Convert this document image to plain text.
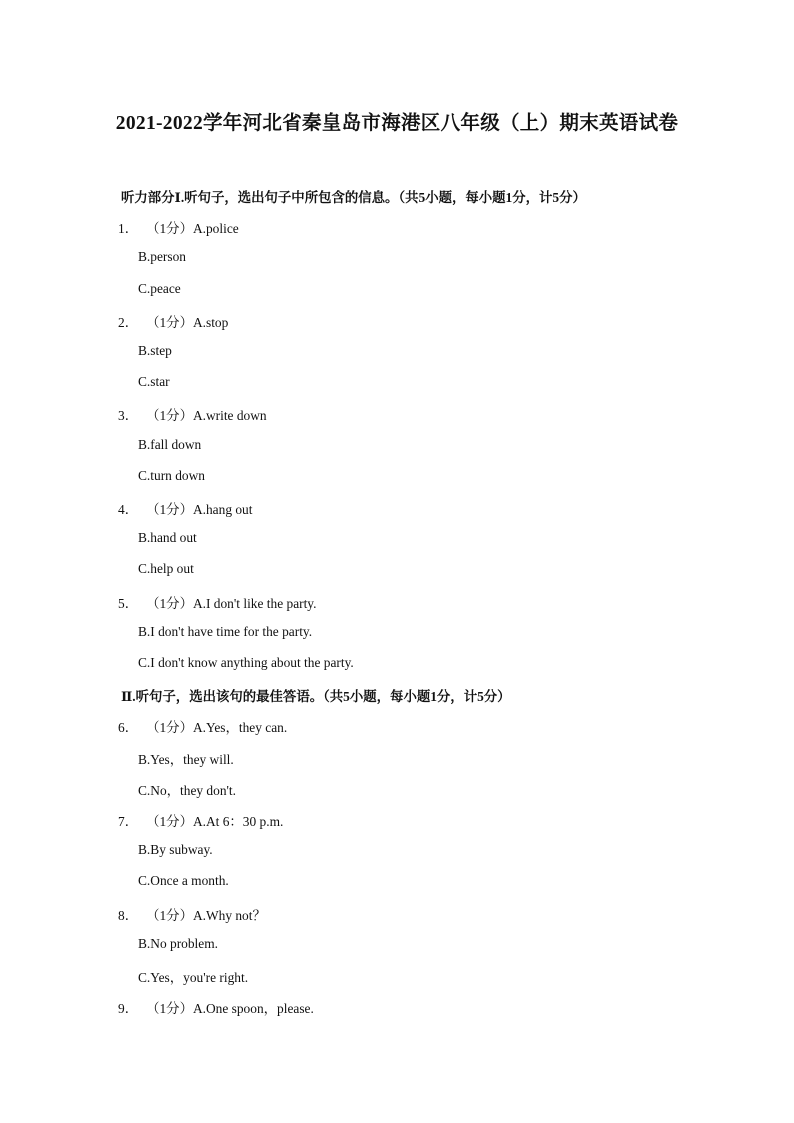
2021-2022学年河北省秦皇岛市海港区八年级（上）期末英语试卷
听力部分Ⅰ.听句子，选出句子中所包含的信息。（共5小题，每小题1分，计5分）
1． （1分）A.police
B.person
C.peace
2． （1分）A.stop
B.step
C.star
3． （1分）A.write down
B.fall down
C.turn down
4． （1分）A.hang out
B.hand out
C.help out
5． （1分）A.I don't like the party.
B.I don't have time for the party.
C.I don't know anything about the party.
Ⅱ.听句子，选出该句的最佳答语。（共5小题，每小题1分，计5分）
6． （1分）A.Yes，they can.
B.Yes，they will.
C.No，they don't.
7． （1分）A.At 6：30 p.m.
B.By subway.
C.Once a month.
8． （1分）A.Why not？
B.No problem.
C.Yes，you're right.
9． （1分）A.One spoon，please.
